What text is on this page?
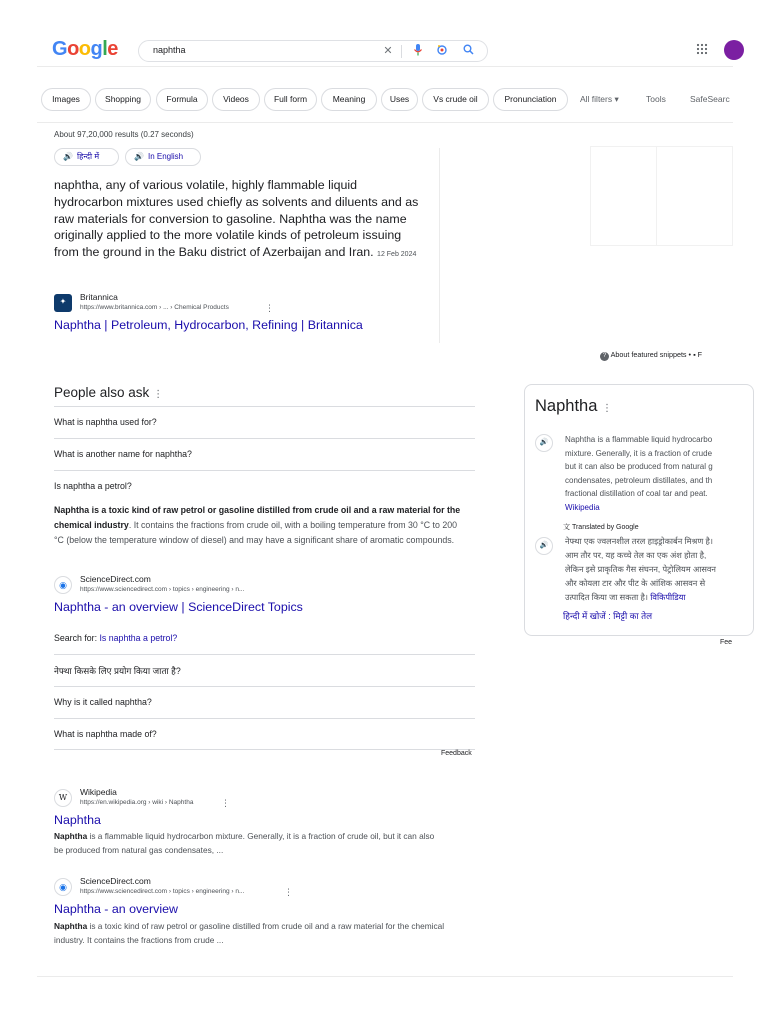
Google	naphtha	✕
Images	Shopping	Formula	Videos	Full form	Meaning	Uses	Vs crude oil	Pronunciation	All filters ▾	Tools	SafeSearc
About 97,20,000 results (0.27 seconds)
🔊 हिन्दी में	🔊 In English
naphtha, any of various volatile, highly flammable liquid hydrocarbon mixtures used chiefly as solvents and diluents and as raw materials for conversion to gasoline. Naphtha was the name originally applied to the more volatile kinds of petroleum issuing from the ground in the Baku district of Azerbaijan and Iran. 12 Feb 2024
✦	Britannica
https://www.britannica.com › ... › Chemical Products	⋮
Naphtha | Petroleum, Hydrocarbon, Refining | Britannica
? About featured snippets • ▪ F
People also ask ⋮
What is naphtha used for?
What is another name for naphtha?
Is naphtha a petrol?
Naphtha is a toxic kind of raw petrol or gasoline distilled from crude oil and a raw material for the chemical industry. It contains the fractions from crude oil, with a boiling temperature from 30 °C to 200 °C (below the temperature window of diesel) and may have a significant share of aromatic compounds.
◉
ScienceDirect.com
https://www.sciencedirect.com › topics › engineering › n...
Naphtha - an overview | ScienceDirect Topics
Search for: Is naphtha a petrol?
नेफ्था किसके लिए प्रयोग किया जाता है?
Why is it called naphtha?
What is naphtha made of?
Feedback
Naphtha ⋮
🔊	Naphtha is a flammable liquid hydrocarbo
mixture. Generally, it is a fraction of crude
but it can also be produced from natural g
condensates, petroleum distillates, and th
fractional distillation of coal tar and peat.
Wikipedia
文 Translated by Google
🔊	नेफ्था एक ज्वलनशील तरल हाइड्रोकार्बन मिश्रण है।
आम तौर पर, यह कच्चे तेल का एक अंश होता है,
लेकिन इसे प्राकृतिक गैस संघनन, पेट्रोलियम आसवन
और कोयला टार और पीट के आंशिक आसवन से
उत्पादित किया जा सकता है। विकिपीडिया
हिन्दी में खोजें : मिट्टी का तेल
Fee
W
Wikipedia
https://en.wikipedia.org › wiki › Naphtha	⋮
Naphtha
Naphtha is a flammable liquid hydrocarbon mixture. Generally, it is a fraction of crude oil, but it can also be produced from natural gas condensates, ...
◉
ScienceDirect.com
https://www.sciencedirect.com › topics › engineering › n...	⋮
Naphtha - an overview
Naphtha is a toxic kind of raw petrol or gasoline distilled from crude oil and a raw material for the chemical industry. It contains the fractions from crude ...
